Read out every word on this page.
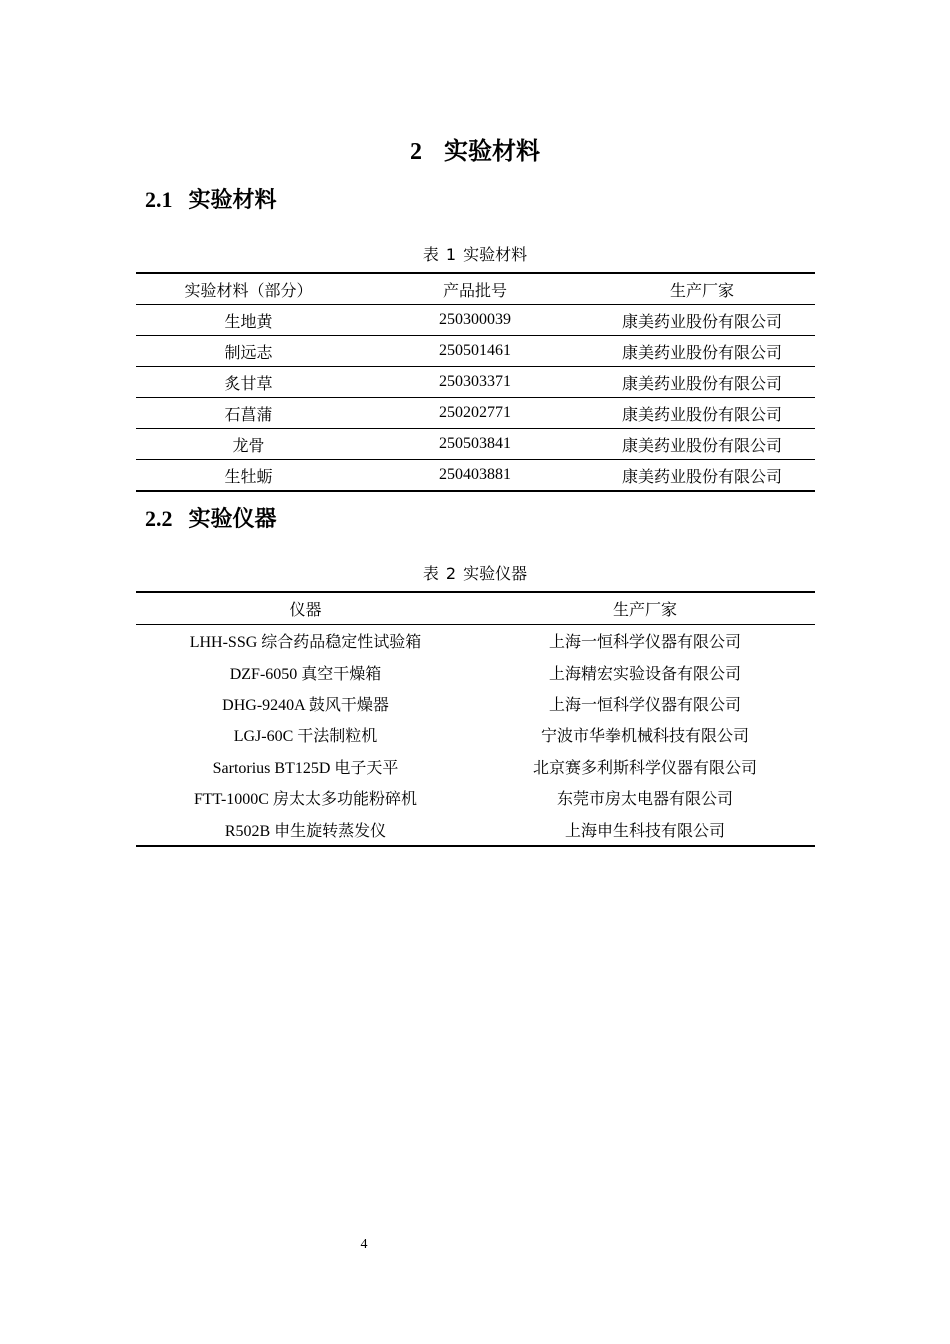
2 实验材料
2.1 实验材料
表 1 实验材料
实验材料（部分）	产品批号	生产厂家
生地黄	250300039	康美药业股份有限公司
制远志	250501461	康美药业股份有限公司
炙甘草	250303371	康美药业股份有限公司
石菖蒲	250202771	康美药业股份有限公司
龙骨	250503841	康美药业股份有限公司
生牡蛎	250403881	康美药业股份有限公司
2.2 实验仪器
表 2 实验仪器
仪器	生产厂家
LHH-SSG 综合药品稳定性试验箱	上海一恒科学仪器有限公司
DZF-6050 真空干燥箱	上海精宏实验设备有限公司
DHG-9240A 鼓风干燥器	上海一恒科学仪器有限公司
LGJ-60C 干法制粒机	宁波市华拳机械科技有限公司
Sartorius BT125D 电子天平	北京赛多利斯科学仪器有限公司
FTT-1000C 房太太多功能粉碎机	东莞市房太电器有限公司
R502B 申生旋转蒸发仪	上海申生科技有限公司
4
